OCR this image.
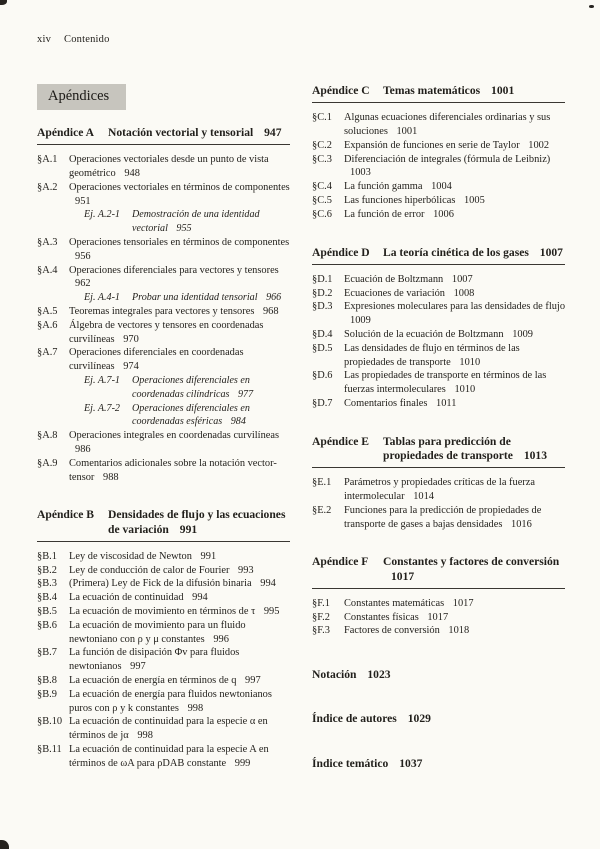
xiv Contenido
Apéndices
Apéndice A Notación vectorial y tensorial 947
§A.1 Operaciones vectoriales desde un punto de vista geométrico 948
§A.2 Operaciones vectoriales en términos de componentes 951
Ej. A.2-1 Demostración de una identidad vectorial 955
§A.3 Operaciones tensoriales en términos de componentes 956
§A.4 Operaciones diferenciales para vectores y tensores 962
Ej. A.4-1 Probar una identidad tensorial 966
§A.5 Teoremas integrales para vectores y tensores 968
§A.6 Álgebra de vectores y tensores en coordenadas curvilíneas 970
§A.7 Operaciones diferenciales en coordenadas curvilíneas 974
Ej. A.7-1 Operaciones diferenciales en coordenadas cilíndricas 977
Ej. A.7-2 Operaciones diferenciales en coordenadas esféricas 984
§A.8 Operaciones integrales en coordenadas curvilíneas 986
§A.9 Comentarios adicionales sobre la notación vector-tensor 988
Apéndice B Densidades de flujo y las ecuaciones de variación 991
§B.1 Ley de viscosidad de Newton 991
§B.2 Ley de conducción de calor de Fourier 993
§B.3 (Primera) Ley de Fick de la difusión binaria 994
§B.4 La ecuación de continuidad 994
§B.5 La ecuación de movimiento en términos de τ 995
§B.6 La ecuación de movimiento para un fluido newtoniano con ρ y μ constantes 996
§B.7 La función de disipación Φv para fluidos newtonianos 997
§B.8 La ecuación de energía en términos de q 997
§B.9 La ecuación de energía para fluidos newtonianos puros con ρ y k constantes 998
§B.10 La ecuación de continuidad para la especie α en términos de jα 998
§B.11 La ecuación de continuidad para la especie A en términos de ωA para ρDAB constante 999
Apéndice C Temas matemáticos 1001
§C.1 Algunas ecuaciones diferenciales ordinarias y sus soluciones 1001
§C.2 Expansión de funciones en serie de Taylor 1002
§C.3 Diferenciación de integrales (fórmula de Leibniz) 1003
§C.4 La función gamma 1004
§C.5 Las funciones hiperbólicas 1005
§C.6 La función de error 1006
Apéndice D La teoría cinética de los gases 1007
§D.1 Ecuación de Boltzmann 1007
§D.2 Ecuaciones de variación 1008
§D.3 Expresiones moleculares para las densidades de flujo 1009
§D.4 Solución de la ecuación de Boltzmann 1009
§D.5 Las densidades de flujo en términos de las propiedades de transporte 1010
§D.6 Las propiedades de transporte en términos de las fuerzas intermoleculares 1010
§D.7 Comentarios finales 1011
Apéndice E Tablas para predicción de propiedades de transporte 1013
§E.1 Parámetros y propiedades críticas de la fuerza intermolecular 1014
§E.2 Funciones para la predicción de propiedades de transporte de gases a bajas densidades 1016
Apéndice F Constantes y factores de conversión 1017
§F.1 Constantes matemáticas 1017
§F.2 Constantes físicas 1017
§F.3 Factores de conversión 1018
Notación 1023
Índice de autores 1029
Índice temático 1037
